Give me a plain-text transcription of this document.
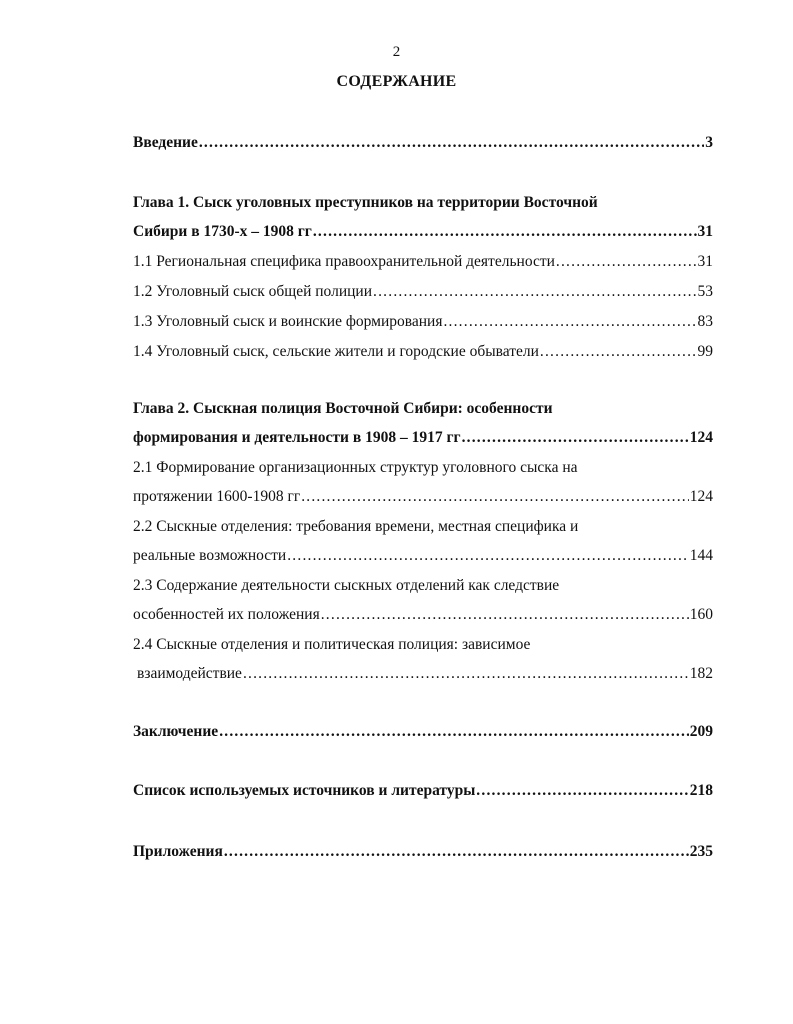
2
СОДЕРЖАНИЕ
Введение .....	3
Глава 1. Сыск уголовных преступников на территории Восточной
Сибири в 1730-х – 1908 гг .....	31
1.1 Региональная специфика правоохранительной деятельности .....	31
1.2 Уголовный сыск общей полиции .....	53
1.3 Уголовный сыск и воинские формирования .....	83
1.4 Уголовный сыск, сельские жители и городские обыватели .....	99
Глава 2. Сыскная полиция Восточной Сибири: особенности
формирования и деятельности в 1908 – 1917 гг .....	124
2.1 Формирование организационных структур уголовного сыска на
протяжении 1600-1908 гг .....	124
2.2 Сыскные отделения: требования времени, местная специфика и
реальные возможности .....	144
2.3 Содержание деятельности сыскных отделений как следствие
особенностей их положения .....	160
2.4 Сыскные отделения и политическая полиция: зависимое
взаимодействие .....	182
Заключение .....	209
Список используемых источников и литературы .....	218
Приложения .....	235
